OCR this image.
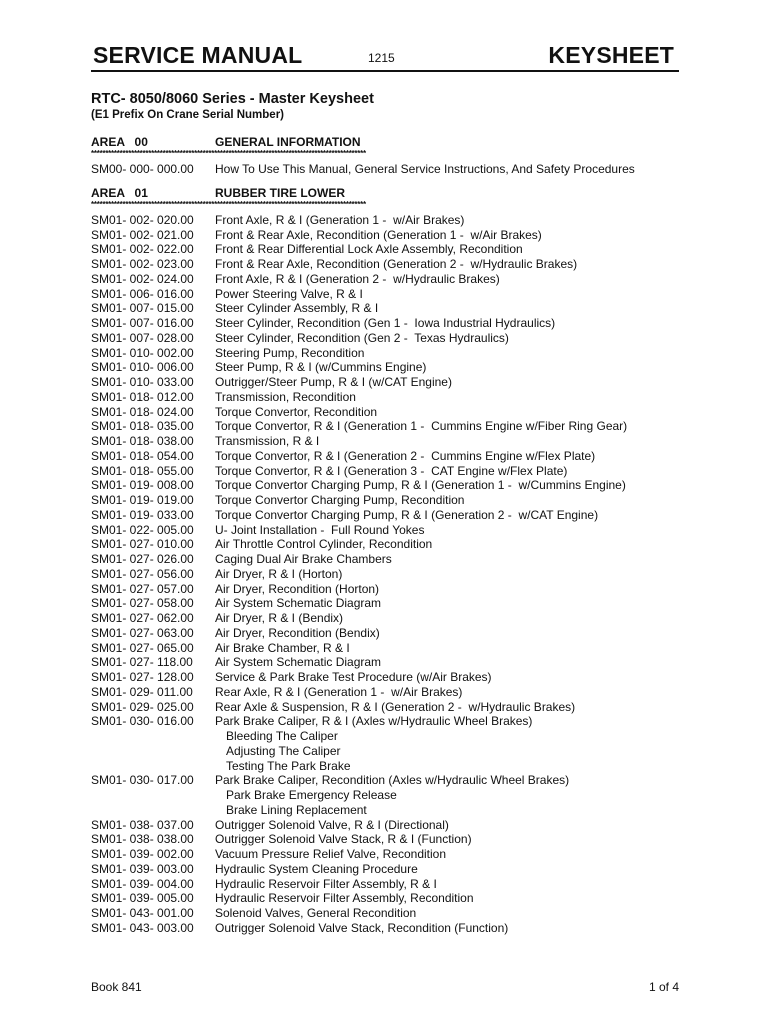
SERVICE MANUAL	1215	KEYSHEET
RTC- 8050/8060 Series - Master Keysheet
(E1 Prefix On Crane Serial Number)
AREA   00	GENERAL INFORMATION
************************************************************************************************
SM00- 000- 000.00 How To Use This Manual, General Service Instructions, And Safety Procedures
AREA   01	RUBBER TIRE LOWER
************************************************************************************************
SM01- 002- 020.00 Front Axle, R & I (Generation 1 -  w/Air Brakes)
SM01- 002- 021.00 Front & Rear Axle, Recondition (Generation 1 -  w/Air Brakes)
SM01- 002- 022.00 Front & Rear Differential Lock Axle Assembly, Recondition
SM01- 002- 023.00 Front & Rear Axle, Recondition (Generation 2 -  w/Hydraulic Brakes)
SM01- 002- 024.00 Front Axle, R & I (Generation 2 -  w/Hydraulic Brakes)
SM01- 006- 016.00 Power Steering Valve, R & I
SM01- 007- 015.00 Steer Cylinder Assembly, R & I
SM01- 007- 016.00 Steer Cylinder, Recondition (Gen 1 -  Iowa Industrial Hydraulics)
SM01- 007- 028.00 Steer Cylinder, Recondition (Gen 2 -  Texas Hydraulics)
SM01- 010- 002.00 Steering Pump, Recondition
SM01- 010- 006.00 Steer Pump, R & I (w/Cummins Engine)
SM01- 010- 033.00 Outrigger/Steer Pump, R & I (w/CAT Engine)
SM01- 018- 012.00 Transmission, Recondition
SM01- 018- 024.00 Torque Convertor, Recondition
SM01- 018- 035.00 Torque Convertor, R & I (Generation 1 -  Cummins Engine w/Fiber Ring Gear)
SM01- 018- 038.00 Transmission, R & I
SM01- 018- 054.00 Torque Convertor, R & I (Generation 2 -  Cummins Engine w/Flex Plate)
SM01- 018- 055.00 Torque Convertor, R & I (Generation 3 -  CAT Engine w/Flex Plate)
SM01- 019- 008.00 Torque Convertor Charging Pump, R & I (Generation 1 -  w/Cummins Engine)
SM01- 019- 019.00 Torque Convertor Charging Pump, Recondition
SM01- 019- 033.00 Torque Convertor Charging Pump, R & I (Generation 2 -  w/CAT Engine)
SM01- 022- 005.00 U- Joint Installation -  Full Round Yokes
SM01- 027- 010.00 Air Throttle Control Cylinder, Recondition
SM01- 027- 026.00 Caging Dual Air Brake Chambers
SM01- 027- 056.00 Air Dryer, R & I (Horton)
SM01- 027- 057.00 Air Dryer, Recondition (Horton)
SM01- 027- 058.00 Air System Schematic Diagram
SM01- 027- 062.00 Air Dryer, R & I (Bendix)
SM01- 027- 063.00 Air Dryer, Recondition (Bendix)
SM01- 027- 065.00 Air Brake Chamber, R & I
SM01- 027- 118.00 Air System Schematic Diagram
SM01- 027- 128.00 Service & Park Brake Test Procedure (w/Air Brakes)
SM01- 029- 011.00 Rear Axle, R & I (Generation 1 -  w/Air Brakes)
SM01- 029- 025.00 Rear Axle & Suspension, R & I (Generation 2 -  w/Hydraulic Brakes)
SM01- 030- 016.00 Park Brake Caliper, R & I (Axles w/Hydraulic Wheel Brakes)
Bleeding The Caliper
Adjusting The Caliper
Testing The Park Brake
SM01- 030- 017.00 Park Brake Caliper, Recondition (Axles w/Hydraulic Wheel Brakes)
Park Brake Emergency Release
Brake Lining Replacement
SM01- 038- 037.00 Outrigger Solenoid Valve, R & I (Directional)
SM01- 038- 038.00 Outrigger Solenoid Valve Stack, R & I (Function)
SM01- 039- 002.00 Vacuum Pressure Relief Valve, Recondition
SM01- 039- 003.00 Hydraulic System Cleaning Procedure
SM01- 039- 004.00 Hydraulic Reservoir Filter Assembly, R & I
SM01- 039- 005.00 Hydraulic Reservoir Filter Assembly, Recondition
SM01- 043- 001.00 Solenoid Valves, General Recondition
SM01- 043- 003.00 Outrigger Solenoid Valve Stack, Recondition (Function)
Book 841	1 of 4
